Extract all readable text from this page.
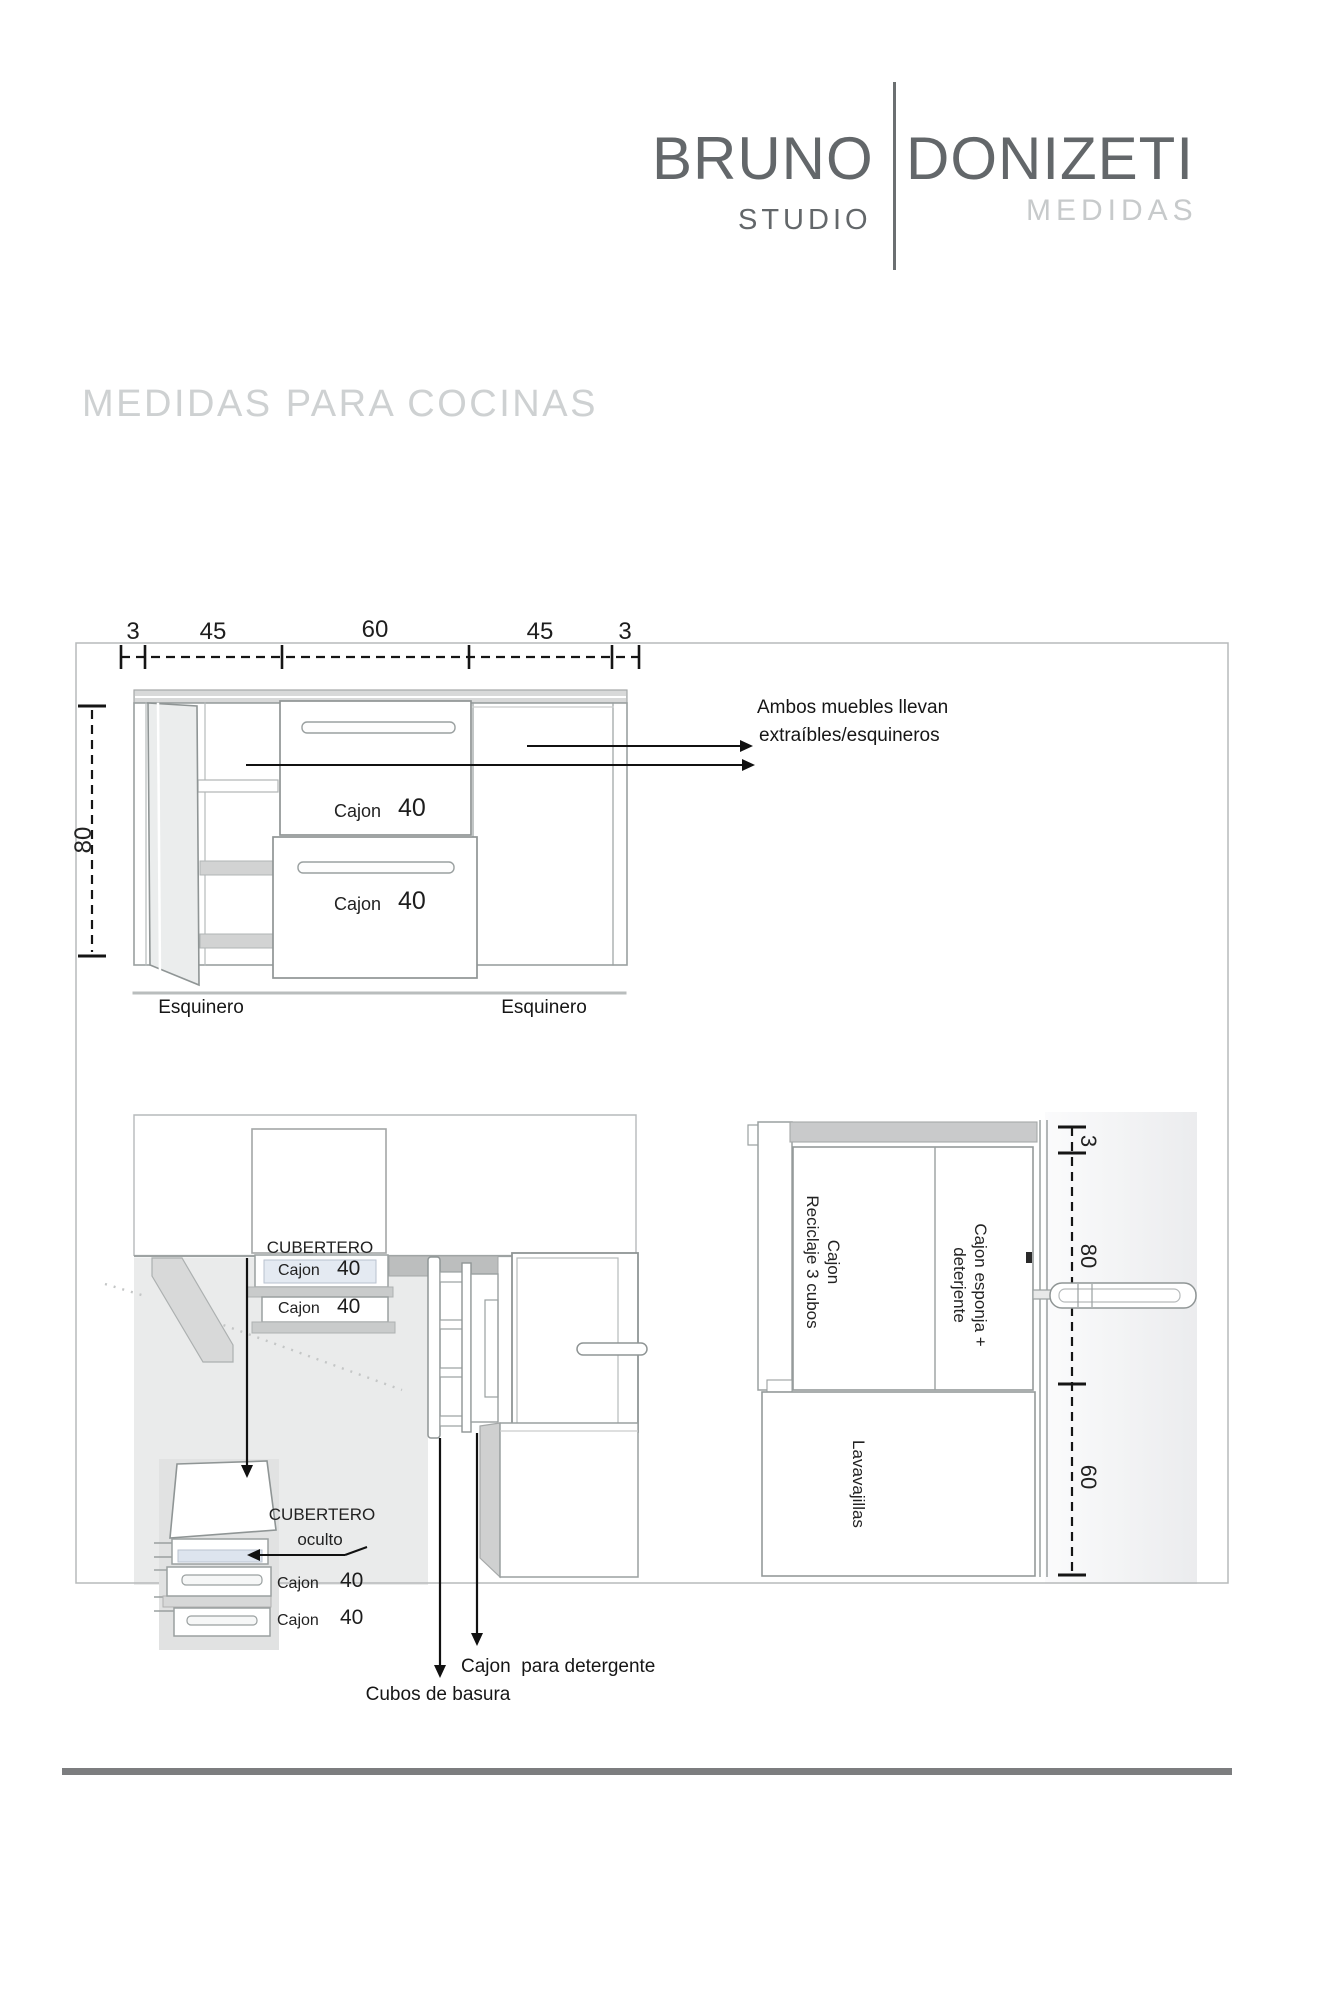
BRUNO
STUDIO
DONIZETI
MEDIDAS
MEDIDAS PARA COCINAS
3 45	60	45	3
80
Cajon 40
Cajon 40
Esquinero	Esquinero
Ambos muebles llevan
extraíbles/esquineros
CUBERTERO
Cajon 40
Cajon 40
CUBERTERO
oculto
Cajon 40
Cajon 40
Cajon  para detergente
Cubos de basura
Cajon
Reciclaje 3 cubos	Cajon esponja +
deterjente
Lavavajillas
3
80
60
